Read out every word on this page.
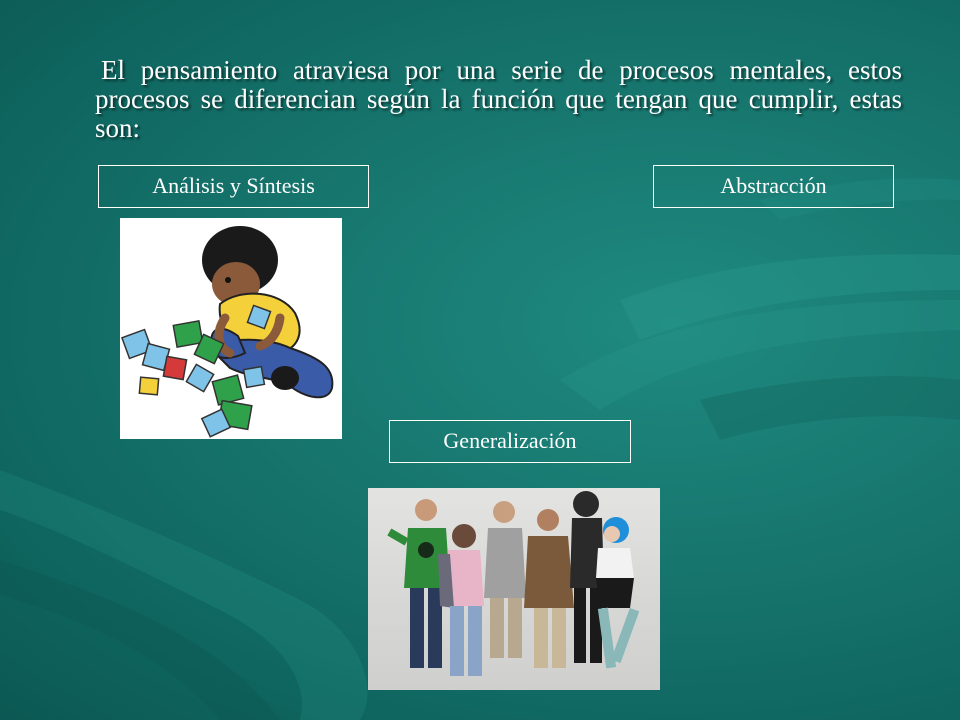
El pensamiento atraviesa por una serie de procesos mentales, estos procesos se diferencian según la función que tengan que cumplir, estas son:

Análisis y Síntesis	Abstracción
Generalización
